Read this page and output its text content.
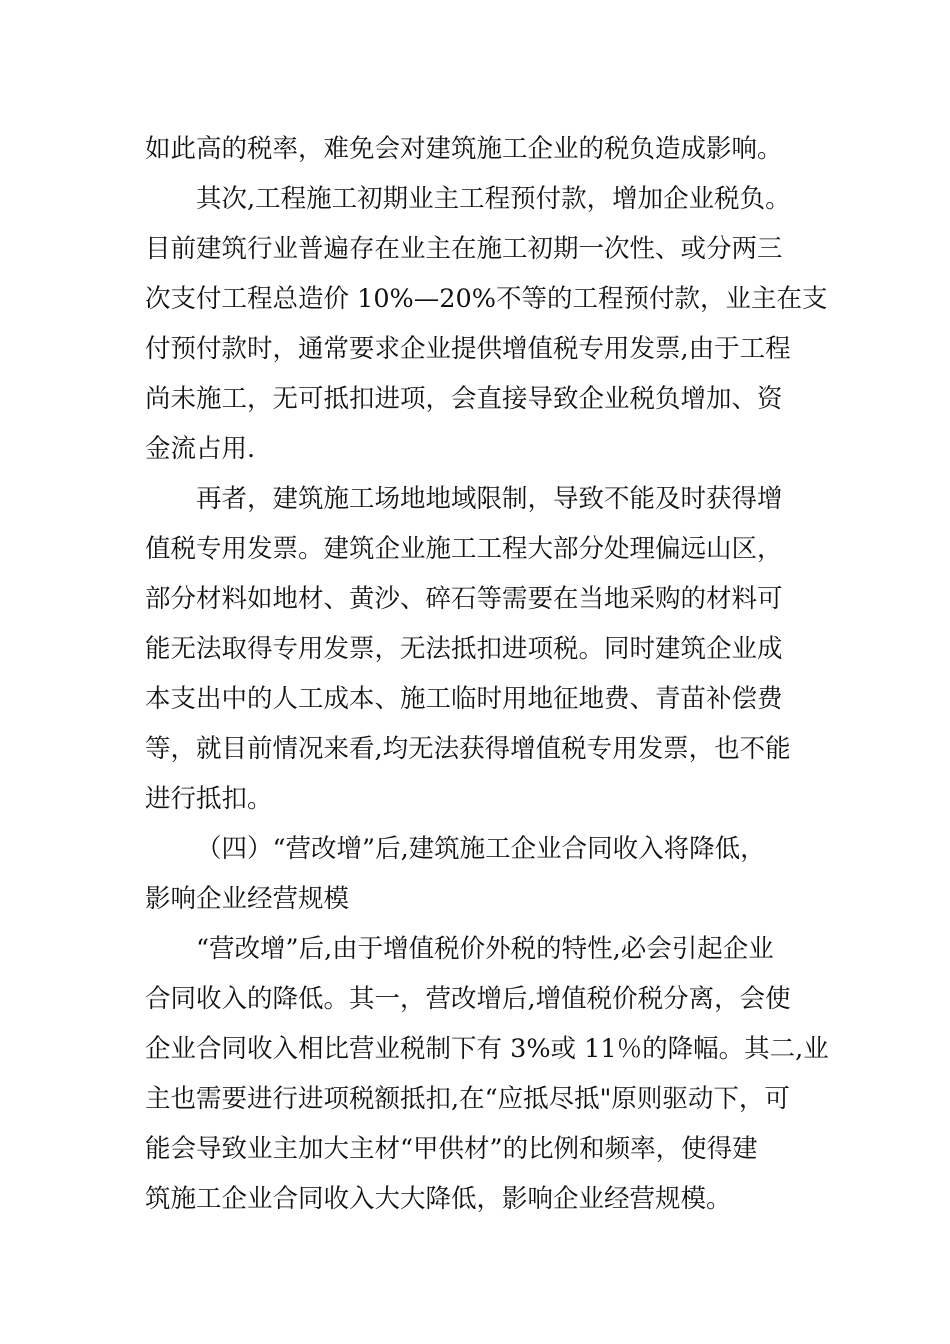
如此高的税率，难免会对建筑施工企业的税负造成影响。
其次,工程施工初期业主工程预付款，增加企业税负。
目前建筑行业普遍存在业主在施工初期一次性、或分两三
次支付工程总造价 10%—20%不等的工程预付款，业主在支
付预付款时，通常要求企业提供增值税专用发票,由于工程
尚未施工，无可抵扣进项，会直接导致企业税负增加、资
金流占用.
再者，建筑施工场地地域限制，导致不能及时获得增
值税专用发票。建筑企业施工工程大部分处理偏远山区，
部分材料如地材、黄沙、碎石等需要在当地采购的材料可
能无法取得专用发票，无法抵扣进项税。同时建筑企业成
本支出中的人工成本、施工临时用地征地费、青苗补偿费
等，就目前情况来看,均无法获得增值税专用发票，也不能
进行抵扣。
（四）“营改增”后,建筑施工企业合同收入将降低，
影响企业经营规模
“营改增”后,由于增值税价外税的特性,必会引起企业
合同收入的降低。其一，营改增后,增值税价税分离，会使
企业合同收入相比营业税制下有 3%或 11％的降幅。其二,业
主也需要进行进项税额抵扣,在“应抵尽抵"原则驱动下，可
能会导致业主加大主材“甲供材”的比例和频率，使得建
筑施工企业合同收入大大降低，影响企业经营规模。
